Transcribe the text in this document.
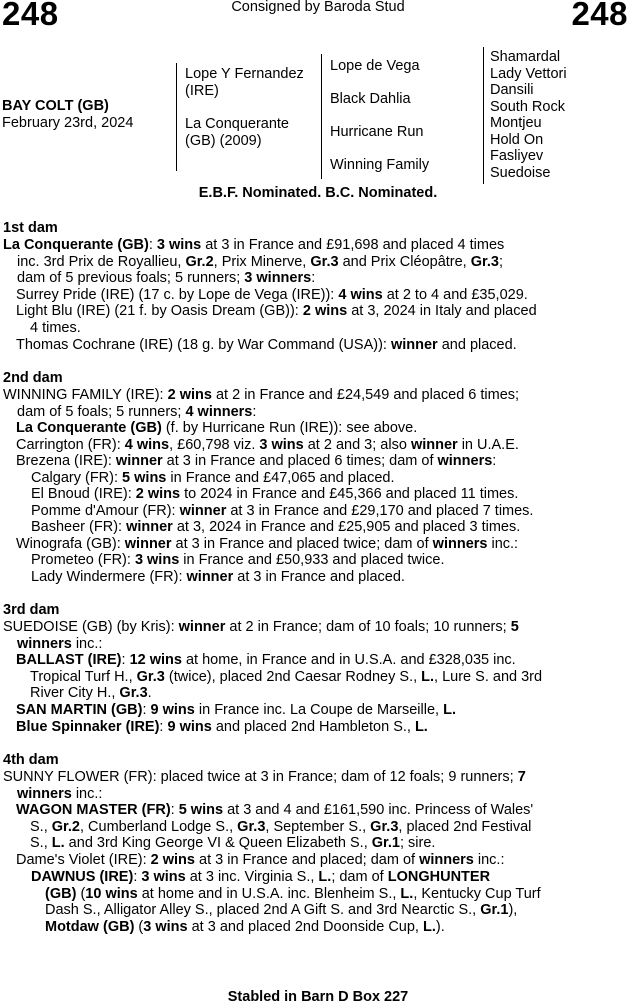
248	Consigned by Baroda Stud	248
BAY COLT (GB)
February 23rd, 2024
Lope Y Fernandez (IRE)
La Conquerante (GB) (2009)
Lope de Vega
Black Dahlia
Hurricane Run
Winning Family
Shamardal
Lady Vettori
Dansili
South Rock
Montjeu
Hold On
Fasliyev
Suedoise
E.B.F. Nominated. B.C. Nominated.
1st dam
La Conquerante (GB): 3 wins at 3 in France and £91,698 and placed 4 times
inc. 3rd Prix de Royallieu, Gr.2, Prix Minerve, Gr.3 and Prix Cléopâtre, Gr.3;
dam of 5 previous foals; 5 runners; 3 winners:
Surrey Pride (IRE) (17 c. by Lope de Vega (IRE)): 4 wins at 2 to 4 and £35,029.
Light Blu (IRE) (21 f. by Oasis Dream (GB)): 2 wins at 3, 2024 in Italy and placed
4 times.
Thomas Cochrane (IRE) (18 g. by War Command (USA)): winner and placed.
2nd dam
WINNING FAMILY (IRE): 2 wins at 2 in France and £24,549 and placed 6 times;
dam of 5 foals; 5 runners; 4 winners:
La Conquerante (GB) (f. by Hurricane Run (IRE)): see above.
Carrington (FR): 4 wins, £60,798 viz. 3 wins at 2 and 3; also winner in U.A.E.
Brezena (IRE): winner at 3 in France and placed 6 times; dam of winners:
Calgary (FR): 5 wins in France and £47,065 and placed.
El Bnoud (IRE): 2 wins to 2024 in France and £45,366 and placed 11 times.
Pomme d'Amour (FR): winner at 3 in France and £29,170 and placed 7 times.
Basheer (FR): winner at 3, 2024 in France and £25,905 and placed 3 times.
Winografa (GB): winner at 3 in France and placed twice; dam of winners inc.:
Prometeo (FR): 3 wins in France and £50,933 and placed twice.
Lady Windermere (FR): winner at 3 in France and placed.
3rd dam
SUEDOISE (GB) (by Kris): winner at 2 in France; dam of 10 foals; 10 runners; 5
winners inc.:
BALLAST (IRE): 12 wins at home, in France and in U.S.A. and £328,035 inc.
Tropical Turf H., Gr.3 (twice), placed 2nd Caesar Rodney S., L., Lure S. and 3rd
River City H., Gr.3.
SAN MARTIN (GB): 9 wins in France inc. La Coupe de Marseille, L.
Blue Spinnaker (IRE): 9 wins and placed 2nd Hambleton S., L.
4th dam
SUNNY FLOWER (FR): placed twice at 3 in France; dam of 12 foals; 9 runners; 7
winners inc.:
WAGON MASTER (FR): 5 wins at 3 and 4 and £161,590 inc. Princess of Wales'
S., Gr.2, Cumberland Lodge S., Gr.3, September S., Gr.3, placed 2nd Festival
S., L. and 3rd King George VI & Queen Elizabeth S., Gr.1; sire.
Dame's Violet (IRE): 2 wins at 3 in France and placed; dam of winners inc.:
DAWNUS (IRE): 3 wins at 3 inc. Virginia S., L.; dam of LONGHUNTER
(GB) (10 wins at home and in U.S.A. inc. Blenheim S., L., Kentucky Cup Turf
Dash S., Alligator Alley S., placed 2nd A Gift S. and 3rd Nearctic S., Gr.1),
Motdaw (GB) (3 wins at 3 and placed 2nd Doonside Cup, L.).
Stabled in Barn D Box 227
